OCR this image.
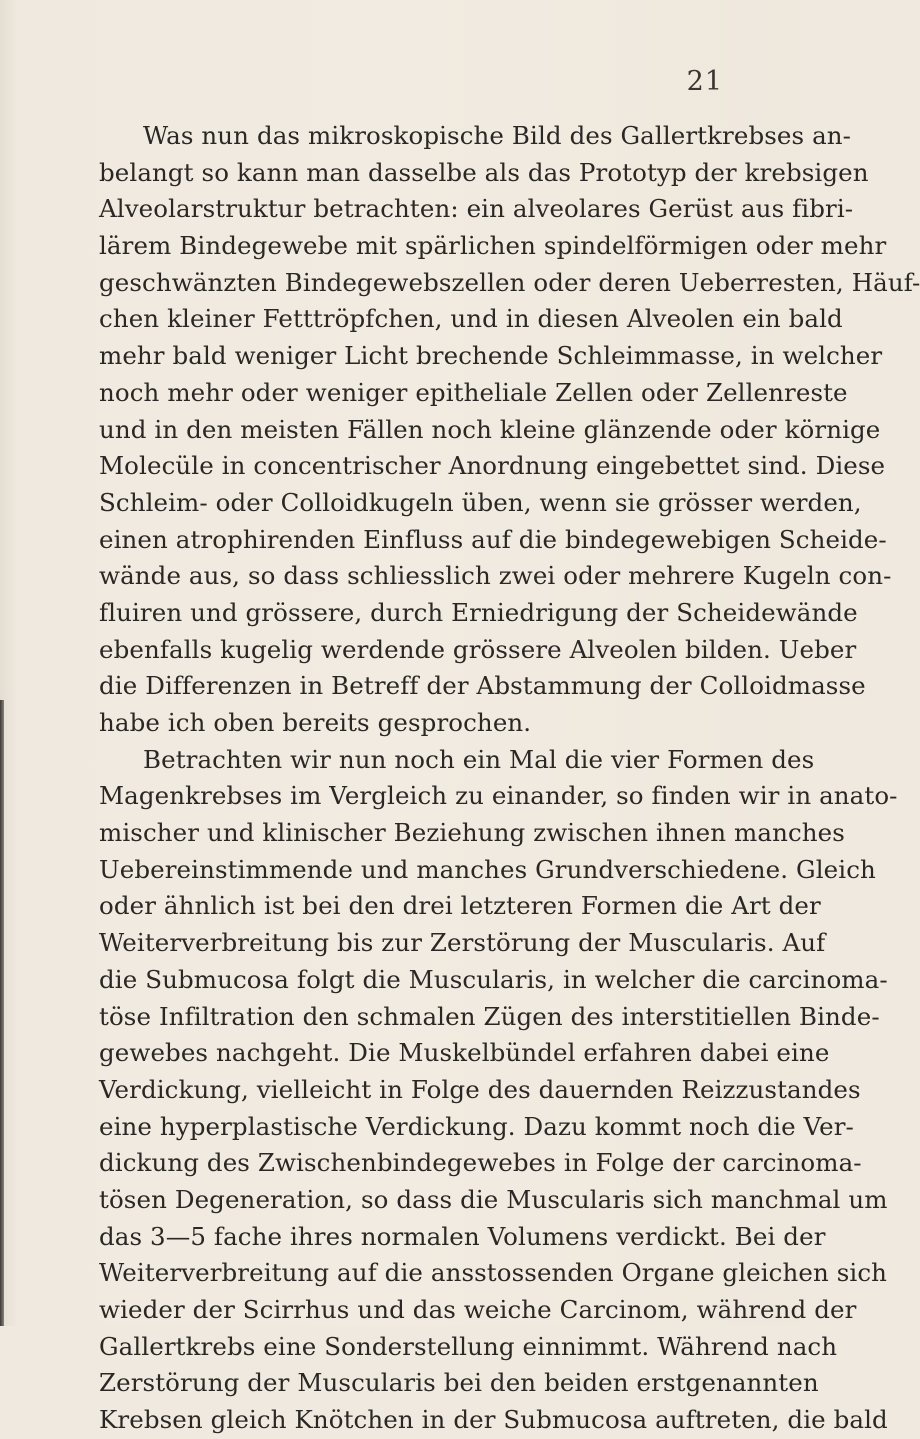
21
Was nun das mikroskopische Bild des Gallertkrebses an-
belangt so kann man dasselbe als das Prototyp der krebsigen
Alveolarstruktur betrachten: ein alveolares Gerüst aus fibri-
lärem Bindegewebe mit spärlichen spindelförmigen oder mehr
geschwänzten Bindegewebszellen oder deren Ueberresten, Häuf-
chen kleiner Fetttröpfchen, und in diesen Alveolen ein bald
mehr bald weniger Licht brechende Schleimmasse, in welcher
noch mehr oder weniger epitheliale Zellen oder Zellenreste
und in den meisten Fällen noch kleine glänzende oder körnige
Molecüle in concentrischer Anordnung eingebettet sind. Diese
Schleim- oder Colloidkugeln üben, wenn sie grösser werden,
einen atrophirenden Einfluss auf die bindegewebigen Scheide-
wände aus, so dass schliesslich zwei oder mehrere Kugeln con-
fluiren und grössere, durch Erniedrigung der Scheidewände
ebenfalls kugelig werdende grössere Alveolen bilden. Ueber
die Differenzen in Betreff der Abstammung der Colloidmasse
habe ich oben bereits gesprochen.
Betrachten wir nun noch ein Mal die vier Formen des
Magenkrebses im Vergleich zu einander, so finden wir in anato-
mischer und klinischer Beziehung zwischen ihnen manches
Uebereinstimmende und manches Grundverschiedene. Gleich
oder ähnlich ist bei den drei letzteren Formen die Art der
Weiterverbreitung bis zur Zerstörung der Muscularis. Auf
die Submucosa folgt die Muscularis, in welcher die carcinoma-
töse Infiltration den schmalen Zügen des interstitiellen Binde-
gewebes nachgeht. Die Muskelbündel erfahren dabei eine
Verdickung, vielleicht in Folge des dauernden Reizzustandes
eine hyperplastische Verdickung. Dazu kommt noch die Ver-
dickung des Zwischenbindegewebes in Folge der carcinoma-
tösen Degeneration, so dass die Muscularis sich manchmal um
das 3—5 fache ihres normalen Volumens verdickt. Bei der
Weiterverbreitung auf die ansstossenden Organe gleichen sich
wieder der Scirrhus und das weiche Carcinom, während der
Gallertkrebs eine Sonderstellung einnimmt. Während nach
Zerstörung der Muscularis bei den beiden erstgenannten
Krebsen gleich Knötchen in der Submucosa auftreten, die bald
